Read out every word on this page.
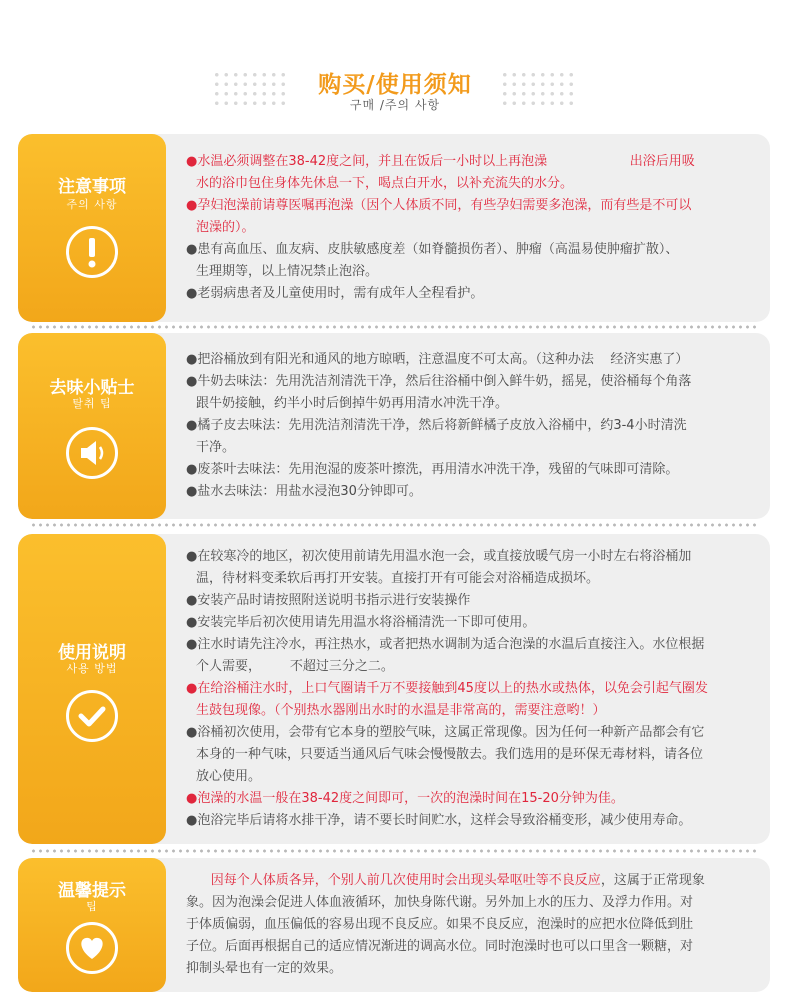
购买/使用须知
구매 /주의 사항
注意事项
주의 사항
●水温必须调整在38-42度之间，并且在饭后一小时以上再泡澡                    出浴后用吸
水的浴巾包住身体先休息一下，喝点白开水，以补充流失的水分。
●孕妇泡澡前请尊医嘱再泡澡（因个人体质不同，有些孕妇需要多泡澡，而有些是不可以
泡澡的）。
●患有高血压、血友病、皮肤敏感度差（如脊髓损伤者）、肿瘤（高温易使肿瘤扩散）、
生理期等，以上情况禁止泡浴。
●老弱病患者及儿童使用时，需有成年人全程看护。
去味小贴士
탈취 팁
●把浴桶放到有阳光和通风的地方晾晒，注意温度不可太高。（这种办法    经济实惠了）
●牛奶去味法：先用洗洁剂清洗干净，然后往浴桶中倒入鲜牛奶，摇晃，使浴桶每个角落
跟牛奶接触，约半小时后倒掉牛奶再用清水冲洗干净。
●橘子皮去味法：先用洗洁剂清洗干净，然后将新鲜橘子皮放入浴桶中，约3-4小时清洗
干净。
●废茶叶去味法：先用泡湿的废茶叶擦洗，再用清水冲洗干净，残留的气味即可清除。
●盐水去味法：用盐水浸泡30分钟即可。
使用说明
사용 방법
●在较寒冷的地区，初次使用前请先用温水泡一会，或直接放暖气房一小时左右将浴桶加
温，待材料变柔软后再打开安装。直接打开有可能会对浴桶造成损坏。
●安装产品时请按照附送说明书指示进行安装操作
●安装完毕后初次使用请先用温水将浴桶清洗一下即可使用。
●注水时请先注冷水，再注热水，或者把热水调制为适合泡澡的水温后直接注入。水位根据
个人需要，       不超过三分之二。
●在给浴桶注水时，上口气圈请千万不要接触到45度以上的热水或热体，以免会引起气圈发
生鼓包现像。（个别热水器刚出水时的水温是非常高的，需要注意哟！）
●浴桶初次使用，会带有它本身的塑胶气味，这属正常现像。因为任何一种新产品都会有它
本身的一种气味，只要适当通风后气味会慢慢散去。我们选用的是环保无毒材料，请各位
放心使用。
●泡澡的水温一般在38-42度之间即可，一次的泡澡时间在15-20分钟为佳。
●泡浴完毕后请将水排干净，请不要长时间贮水，这样会导致浴桶变形，减少使用寿命。
温馨提示
팁
因每个人体质各异，个别人前几次使用时会出现头晕呕吐等不良反应，这属于正常现象
象。因为泡澡会促进人体血液循环，加快身陈代谢。另外加上水的压力、及浮力作用。对
于体质偏弱，血压偏低的容易出现不良反应。如果不良反应，泡澡时的应把水位降低到肚
子位。后面再根据自己的适应情况渐进的调高水位。同时泡澡时也可以口里含一颗糖，对
抑制头晕也有一定的效果。
